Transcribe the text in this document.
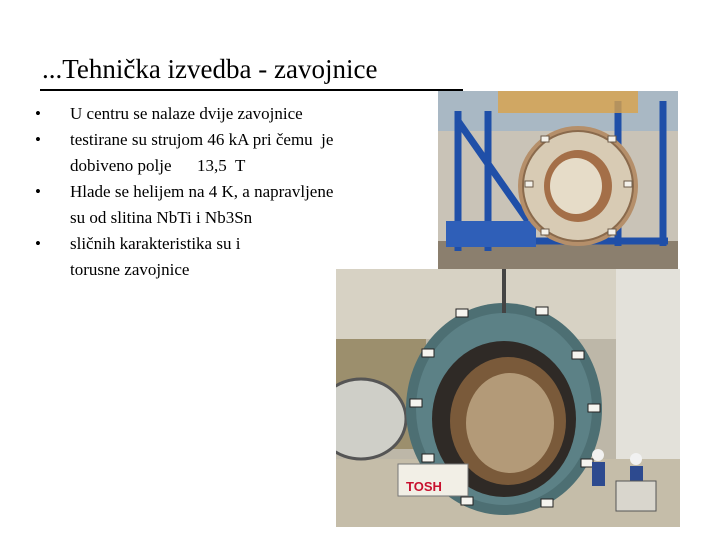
...Tehnička izvedba - zavojnice
• U centru se nalaze dvije zavojnice
• testirane su strujom 46 kA pri čemu  je
dobiveno polje      13,5  T
• Hlade se helijem na 4 K, a napravljene
su od slitina NbTi i Nb3Sn
• sličnih karakteristika su i
torusne zavojnice
TOSH
